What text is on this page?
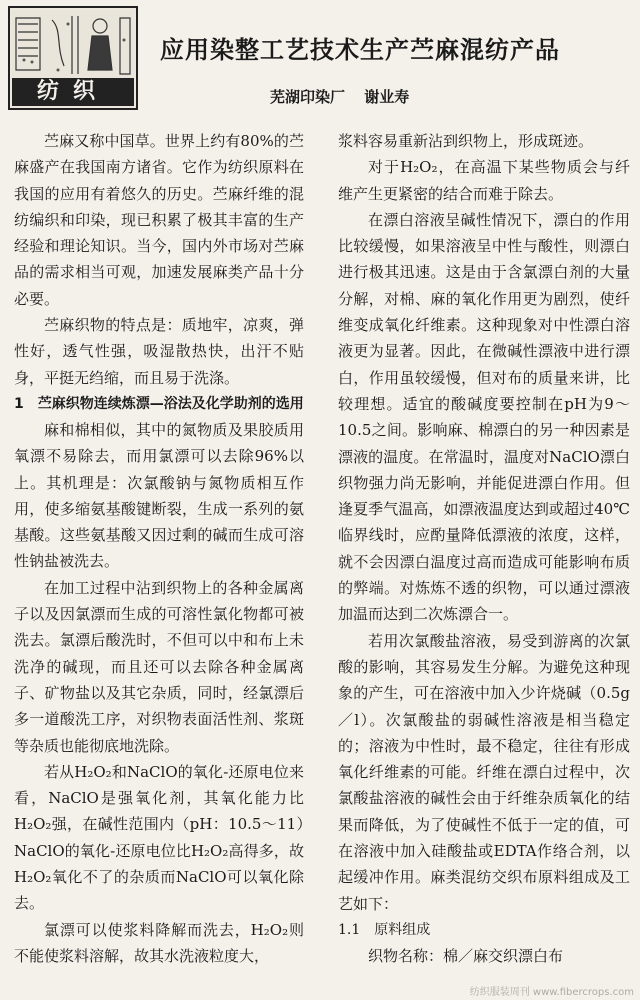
纺织
应用染整工艺技术生产苎麻混纺产品
芜湖印染厂 谢业寿

苎麻又称中国草。世界上约有80%的苎麻盛产在我国南方诸省。它作为纺织原料在我国的应用有着悠久的历史。苎麻纤维的混纺编织和印染，现已积累了极其丰富的生产经验和理论知识。当今，国内外市场对苎麻品的需求相当可观，加速发展麻类产品十分必要。

苎麻织物的特点是：质地牢，凉爽，弹性好，透气性强，吸湿散热快，出汗不贴身，平挺无绉缩，而且易于洗涤。

1　苎麻织物连续炼漂—浴法及化学助剂的选用

麻和棉相似，其中的氮物质及果胶质用氧漂不易除去，而用氯漂可以去除96%以上。其机理是：次氯酸钠与氮物质相互作用，使多缩氨基酸键断裂，生成一系列的氨基酸。这些氨基酸又因过剩的碱而生成可溶性钠盐被洗去。

在加工过程中沾到织物上的各种金属离子以及因氯漂而生成的可溶性氯化物都可被洗去。氯漂后酸洗时，不但可以中和布上未洗净的碱现，而且还可以去除各种金属离子、矿物盐以及其它杂质，同时，经氯漂后多一道酸洗工序，对织物表面活性剂、浆斑等杂质也能彻底地洗除。

若从H₂O₂和NaClO的氧化-还原电位来看，NaClO是强氧化剂，其氧化能力比H₂O₂强，在碱性范围内（pH：10.5～11）NaClO的氧化-还原电位比H₂O₂高得多，故H₂O₂氧化不了的杂质而NaClO可以氧化除去。

氯漂可以使浆料降解而洗去，H₂O₂则不能使浆料溶解，故其水洗液粒度大，

浆料容易重新沾到织物上，形成斑迹。

对于H₂O₂，在高温下某些物质会与纤维产生更紧密的结合而难于除去。

在漂白溶液呈碱性情况下，漂白的作用比较缓慢，如果溶液呈中性与酸性，则漂白进行极其迅速。这是由于含氯漂白剂的大量分解，对棉、麻的氧化作用更为剧烈，使纤维变成氧化纤维素。这种现象对中性漂白溶液更为显著。因此，在微碱性漂液中进行漂白，作用虽较缓慢，但对布的质量来讲，比较理想。适宜的酸碱度要控制在pH为9～10.5之间。影响麻、棉漂白的另一种因素是漂液的温度。在常温时，温度对NaClO漂白织物强力尚无影响，并能促进漂白作用。但逢夏季气温高，如漂液温度达到或超过40℃临界线时，应酌量降低漂液的浓度，这样，就不会因漂白温度过高而造成可能影响布质的弊端。对炼炼不透的织物，可以通过漂液加温而达到二次炼漂合一。

若用次氯酸盐溶液，易受到游离的次氯酸的影响，其容易发生分解。为避免这种现象的产生，可在溶液中加入少许烧碱（0.5g／l）。次氯酸盐的弱碱性溶液是相当稳定的；溶液为中性时，最不稳定，往往有形成氧化纤维素的可能。纤维在漂白过程中，次氯酸盐溶液的碱性会由于纤维杂质氧化的结果而降低，为了使碱性不低于一定的值，可在溶液中加入硅酸盐或EDTA作络合剂，以起缓冲作用。麻类混纺交织布原料组成及工艺如下：

1.1　原料组成

织物名称：棉／麻交织漂白布

纺织服装周刊 www.fibercrops.com
